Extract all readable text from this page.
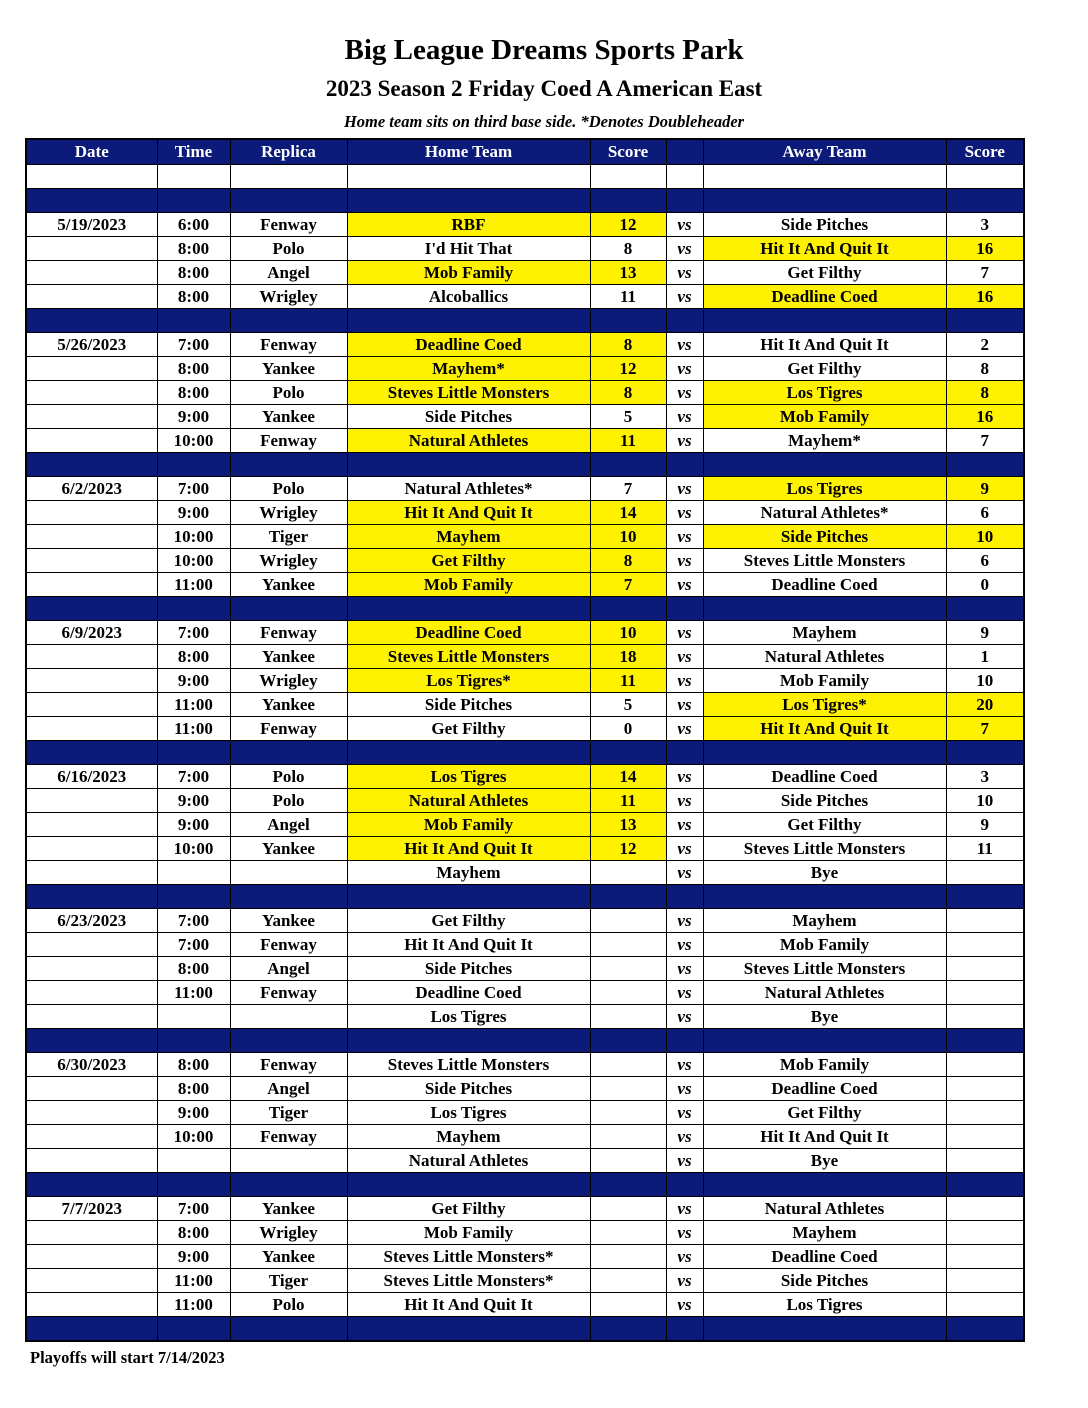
Big League Dreams Sports Park
2023 Season 2 Friday Coed A American East
Home team sits on third base side. *Denotes Doubleheader
Date	Time	Replica	Home Team	Score		Away Team	Score

5/19/2023	6:00	Fenway	RBF	12	vs	Side Pitches	3
	8:00	Polo	I'd Hit That	8	vs	Hit It And Quit It	16
	8:00	Angel	Mob Family	13	vs	Get Filthy	7
	8:00	Wrigley	Alcoballics	11	vs	Deadline Coed	16

5/26/2023	7:00	Fenway	Deadline Coed	8	vs	Hit It And Quit It	2
	8:00	Yankee	Mayhem*	12	vs	Get Filthy	8
	8:00	Polo	Steves Little Monsters	8	vs	Los Tigres	8
	9:00	Yankee	Side Pitches	5	vs	Mob Family	16
	10:00	Fenway	Natural Athletes	11	vs	Mayhem*	7

6/2/2023	7:00	Polo	Natural Athletes*	7	vs	Los Tigres	9
	9:00	Wrigley	Hit It And Quit It	14	vs	Natural Athletes*	6
	10:00	Tiger	Mayhem	10	vs	Side Pitches	10
	10:00	Wrigley	Get Filthy	8	vs	Steves Little Monsters	6
	11:00	Yankee	Mob Family	7	vs	Deadline Coed	0

6/9/2023	7:00	Fenway	Deadline Coed	10	vs	Mayhem	9
	8:00	Yankee	Steves Little Monsters	18	vs	Natural Athletes	1
	9:00	Wrigley	Los Tigres*	11	vs	Mob Family	10
	11:00	Yankee	Side Pitches	5	vs	Los Tigres*	20
	11:00	Fenway	Get Filthy	0	vs	Hit It And Quit It	7

6/16/2023	7:00	Polo	Los Tigres	14	vs	Deadline Coed	3
	9:00	Polo	Natural Athletes	11	vs	Side Pitches	10
	9:00	Angel	Mob Family	13	vs	Get Filthy	9
	10:00	Yankee	Hit It And Quit It	12	vs	Steves Little Monsters	11
			Mayhem		vs	Bye	

6/23/2023	7:00	Yankee	Get Filthy		vs	Mayhem	
	7:00	Fenway	Hit It And Quit It		vs	Mob Family	
	8:00	Angel	Side Pitches		vs	Steves Little Monsters	
	11:00	Fenway	Deadline Coed		vs	Natural Athletes	
			Los Tigres		vs	Bye	

6/30/2023	8:00	Fenway	Steves Little Monsters		vs	Mob Family	
	8:00	Angel	Side Pitches		vs	Deadline Coed	
	9:00	Tiger	Los Tigres		vs	Get Filthy	
	10:00	Fenway	Mayhem		vs	Hit It And Quit It	
			Natural Athletes		vs	Bye	

7/7/2023	7:00	Yankee	Get Filthy		vs	Natural Athletes	
	8:00	Wrigley	Mob Family		vs	Mayhem	
	9:00	Yankee	Steves Little Monsters*		vs	Deadline Coed	
	11:00	Tiger	Steves Little Monsters*		vs	Side Pitches	
	11:00	Polo	Hit It And Quit It		vs	Los Tigres	

Playoffs will start 7/14/2023
